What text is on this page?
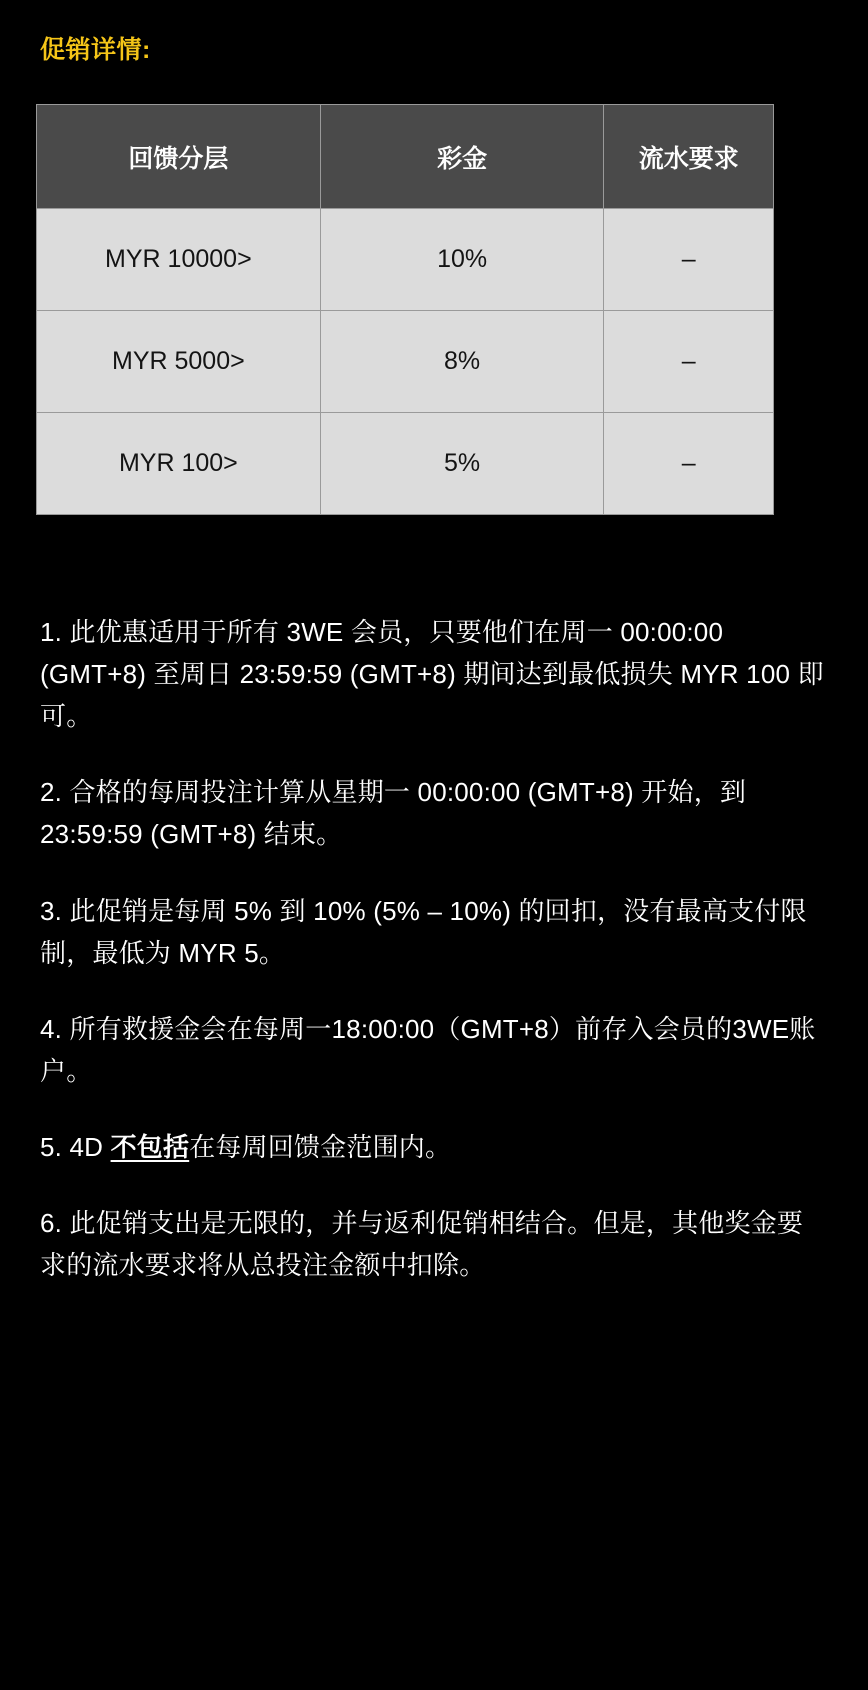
促销详情:
回馈分层	彩金	流水要求
MYR 10000>	10%	–
MYR 5000>	8%	–
MYR 100>	5%	–

1. 此优惠适用于所有 3WE 会员，只要他们在周一 00:00:00 (GMT+8) 至周日 23:59:59 (GMT+8) 期间达到最低损失 MYR 100 即可。

2. 合格的每周投注计算从星期一 00:00:00 (GMT+8) 开始，到 23:59:59 (GMT+8) 结束。

3. 此促销是每周 5% 到 10% (5% – 10%) 的回扣，没有最高支付限制，最低为 MYR 5。

4. 所有救援金会在每周一18:00:00（GMT+8）前存入会员的3WE账户。

5. 4D 不包括在每周回馈金范围内。

6. 此促销支出是无限的，并与返利促销相结合。但是，其他奖金要求的流水要求将从总投注金额中扣除。
